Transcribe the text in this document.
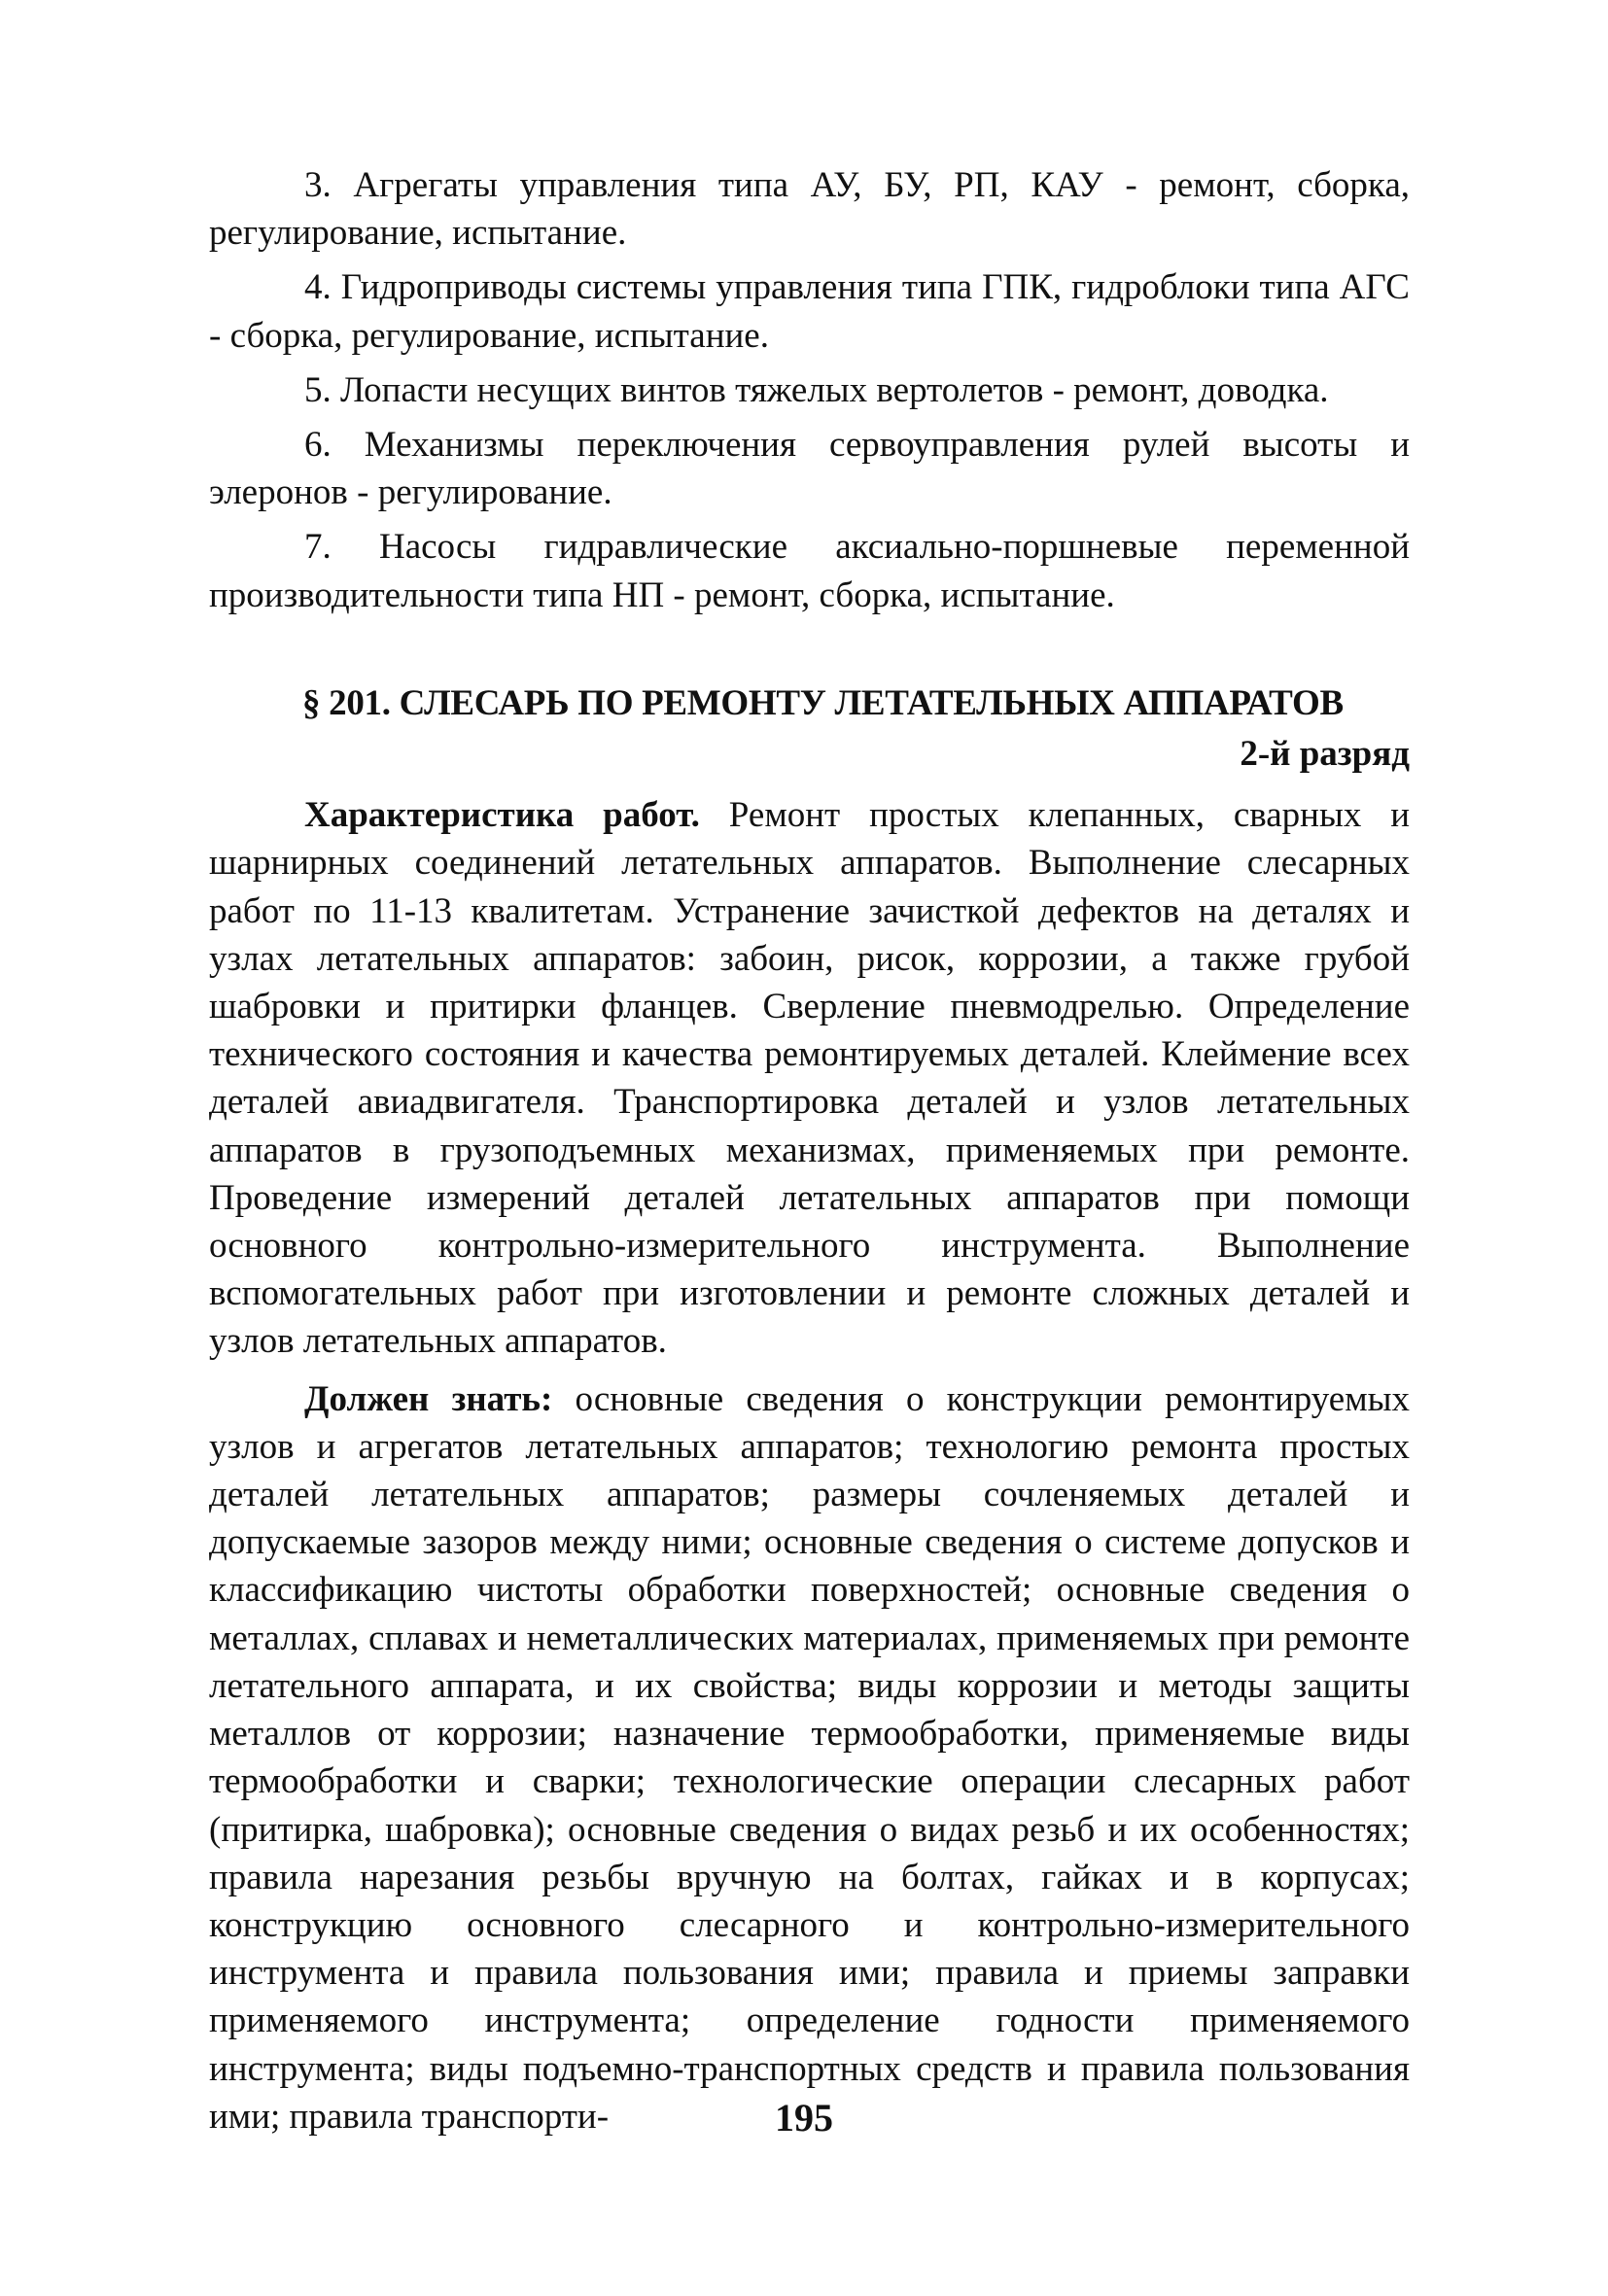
3. Агрегаты управления типа АУ, БУ, РП, КАУ - ремонт, сборка, регулирование, испытание.

4. Гидроприводы системы управления типа ГПК, гидроблоки типа АГС - сборка, регулирование, испытание.

5. Лопасти несущих винтов тяжелых вертолетов - ремонт, доводка.

6. Механизмы переключения сервоуправления рулей высоты и элеронов - регулирование.

7. Насосы гидравлические аксиально-поршневые переменной производительности типа НП - ремонт, сборка, испытание.

§ 201. СЛЕСАРЬ ПО РЕМОНТУ ЛЕТАТЕЛЬНЫХ АППАРАТОВ

2-й разряд

Характеристика работ. Ремонт простых клепанных, сварных и шарнирных соединений летательных аппаратов. Выполнение слесарных работ по 11-13 квалитетам. Устранение зачисткой дефектов на деталях и узлах летательных аппаратов: забоин, рисок, коррозии, а также грубой шабровки и притирки фланцев. Сверление пневмодрелью. Определение технического состояния и качества ремонтируемых деталей. Клеймение всех деталей авиадвигателя. Транспортировка деталей и узлов летательных аппаратов в грузоподъемных механизмах, применяемых при ремонте. Проведение измерений деталей летательных аппаратов при помощи основного контрольно-измерительного инструмента. Выполнение вспомогательных работ при изготовлении и ремонте сложных деталей и узлов летательных аппаратов.

Должен знать: основные сведения о конструкции ремонтируемых узлов и агрегатов летательных аппаратов; технологию ремонта простых деталей летательных аппаратов; размеры сочленяемых деталей и допускаемые зазоров между ними; основные сведения о системе допусков и классификацию чистоты обработки поверхностей; основные сведения о металлах, сплавах и неметаллических материалах, применяемых при ремонте летательного аппарата, и их свойства; виды коррозии и методы защиты металлов от коррозии; назначение термообработки, применяемые виды термообработки и сварки; технологические операции слесарных работ (притирка, шабровка); основные сведения о видах резьб и их особенностях; правила нарезания резьбы вручную на болтах, гайках и в корпусах; конструкцию основного слесарного и контрольно-измерительного инструмента и правила пользования ими; правила и приемы заправки применяемого инструмента; определение годности применяемого инструмента; виды подъемно-транспортных средств и правила пользования ими; правила транспорти-	195
